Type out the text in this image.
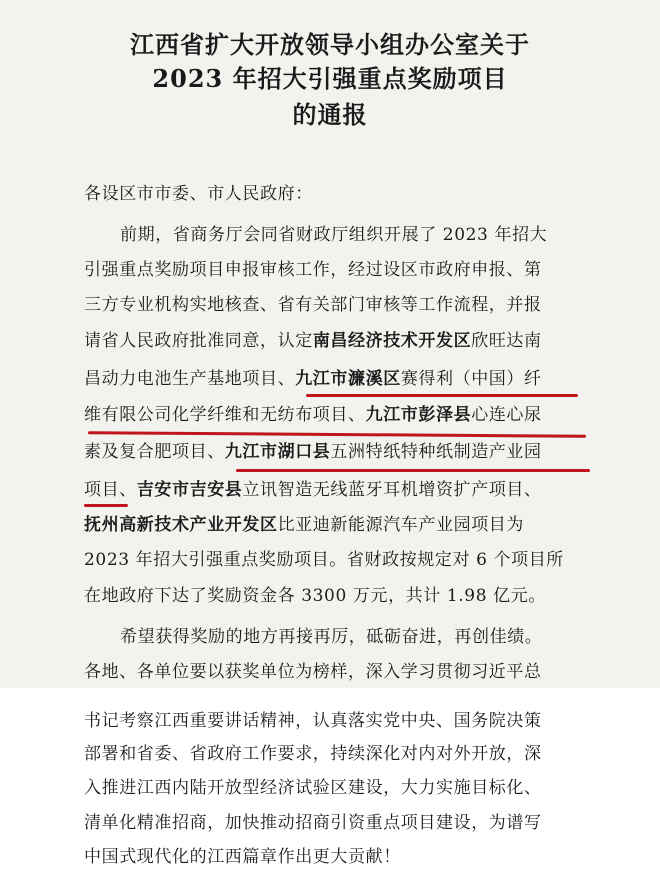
江西省扩大开放领导小组办公室关于
2023 年招大引强重点奖励项目
的通报
各设区市市委、市人民政府：
前期，省商务厅会同省财政厅组织开展了 2023 年招大
引强重点奖励项目申报审核工作，经过设区市政府申报、第
三方专业机构实地核查、省有关部门审核等工作流程，并报
请省人民政府批准同意，认定南昌经济技术开发区欣旺达南
昌动力电池生产基地项目、九江市濂溪区赛得利（中国）纤
维有限公司化学纤维和无纺布项目、九江市彭泽县心连心尿
素及复合肥项目、九江市湖口县五洲特纸特种纸制造产业园
项目、吉安市吉安县立讯智造无线蓝牙耳机增资扩产项目、
抚州高新技术产业开发区比亚迪新能源汽车产业园项目为
2023 年招大引强重点奖励项目。省财政按规定对 6 个项目所
在地政府下达了奖励资金各 3300 万元，共计 1.98 亿元。
希望获得奖励的地方再接再厉，砥砺奋进，再创佳绩。
各地、各单位要以获奖单位为榜样，深入学习贯彻习近平总
书记考察江西重要讲话精神，认真落实党中央、国务院决策
部署和省委、省政府工作要求，持续深化对内对外开放，深
入推进江西内陆开放型经济试验区建设，大力实施目标化、
清单化精准招商，加快推动招商引资重点项目建设，为谱写
中国式现代化的江西篇章作出更大贡献！
